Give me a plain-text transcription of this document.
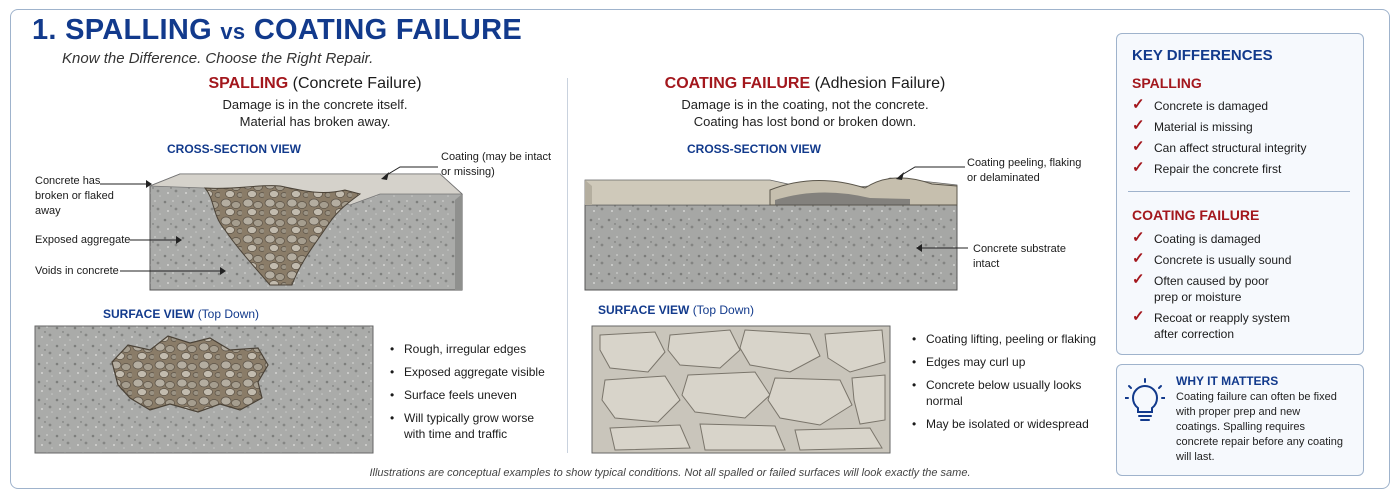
1. SPALLING vs COATING FAILURE
Know the Difference. Choose the Right Repair.
SPALLING (Concrete Failure)
Damage is in the concrete itself.
Material has broken away.
CROSS-SECTION VIEW
Concrete has
broken or flaked
away
Exposed aggregate
Voids in concrete
Coating (may be intact
or missing)
SURFACE VIEW (Top Down)
• Rough, irregular edges
• Exposed aggregate visible
• Surface feels uneven
• Will typically grow worse with time and traffic
COATING FAILURE (Adhesion Failure)
Damage is in the coating, not the concrete.
Coating has lost bond or broken down.
CROSS-SECTION VIEW
Coating peeling, flaking
or delaminated
Concrete substrate
intact
SURFACE VIEW (Top Down)
• Coating lifting, peeling or flaking
• Edges may curl up
• Concrete below usually looks normal
• May be isolated or widespread
KEY DIFFERENCES
SPALLING
✓ Concrete is damaged
✓ Material is missing
✓ Can affect structural integrity
✓ Repair the concrete first
COATING FAILURE
✓ Coating is damaged
✓ Concrete is usually sound
✓ Often caused by poor prep or moisture
✓ Recoat or reapply system after correction
WHY IT MATTERS
Coating failure can often be fixed with proper prep and new coatings. Spalling requires concrete repair before any coating will last.
Illustrations are conceptual examples to show typical conditions. Not all spalled or failed surfaces will look exactly the same.
